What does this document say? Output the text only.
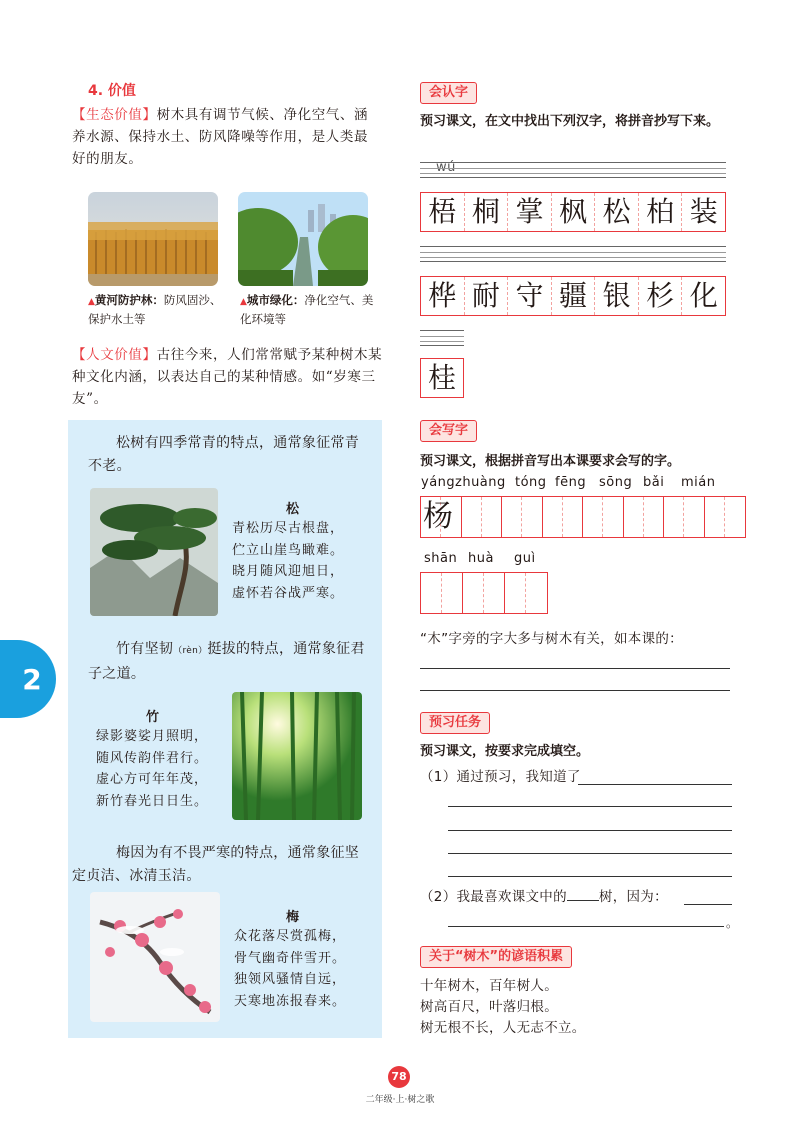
4. 价值
【生态价值】树木具有调节气候、净化空气、涵养水源、保持水土、防风降噪等作用，是人类最好的朋友。
▲黄河防护林：防风固沙、保护水土等
▲城市绿化：净化空气、美化环境等
【人文价值】古往今来，人们常常赋予某种树木某种文化内涵，以表达自己的某种情感。如“岁寒三友”。
松树有四季常青的特点，通常象征常青不老。
松
青松历尽古根盘，
伫立山崖鸟瞰难。
晓月随风迎旭日，
虚怀若谷战严寒。
竹有坚韧（rèn）挺拔的特点，通常象征君子之道。
竹
绿影婆娑月照明，
随风传韵伴君行。
虚心方可年年茂，
新竹春光日日生。
梅因为有不畏严寒的特点，通常象征坚定贞洁、冰清玉洁。
梅
众花落尽赏孤梅，
骨气幽奇伴雪开。
独领风骚情自远，
天寒地冻报春来。
2
会认字
预习课文，在文中找出下列汉字，将拼音抄写下来。
wú
梧 桐 掌 枫 松 柏 装
桦 耐 守 疆 银 杉 化
桂
会写字
预习课文，根据拼音写出本课要求会写的字。
yángzhuàng tóng fēng sōng bǎi mián
杨
shān huà guì
“木”字旁的字大多与树木有关，如本课的：
预习任务
预习课文，按要求完成填空。
（1）通过预习，我知道了
（2）我最喜欢课文中的 树，因为：
。
关于“树木”的谚语积累
十年树木，百年树人。
树高百尺，叶落归根。
树无根不长，人无志不立。
78
二年级·上·树之歌
